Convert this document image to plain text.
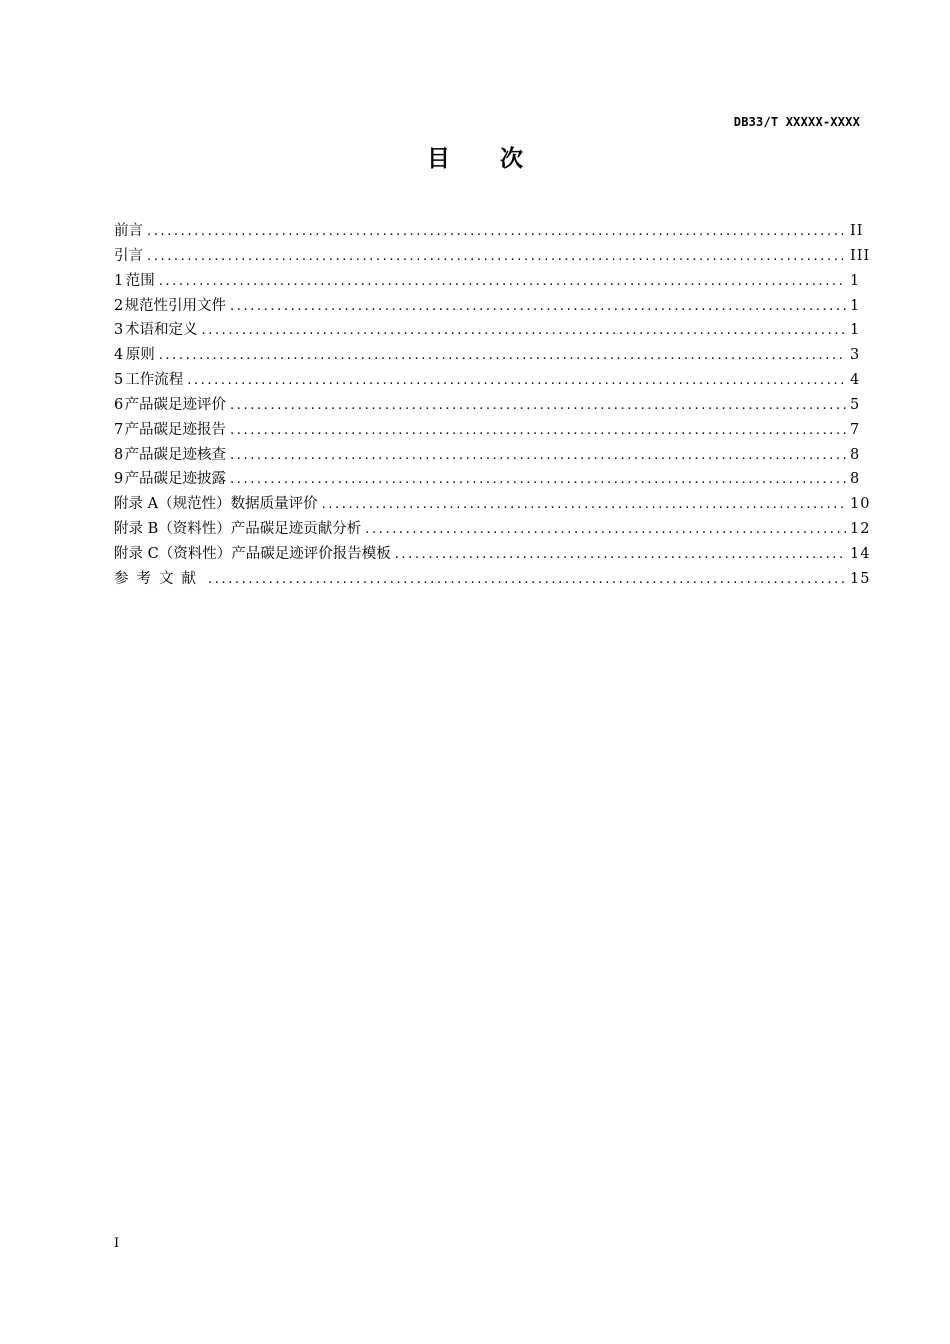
DB33/T XXXXX-XXXX
目 次
前言 .....	II
引言 .....	III
1 范围 .....	1
2 规范性引用文件 .....	1
3 术语和定义 .....	1
4 原则 .....	3
5 工作流程 .....	4
6 产品碳足迹评价 .....	5
7 产品碳足迹报告 .....	7
8 产品碳足迹核查 .....	8
9 产品碳足迹披露 .....	8
附录 A（规范性） 数据质量评价 .....	10
附录 B（资料性） 产品碳足迹贡献分析 .....	12
附录 C（资料性） 产品碳足迹评价报告模板 .....	14
参考文献 .....	15
I
